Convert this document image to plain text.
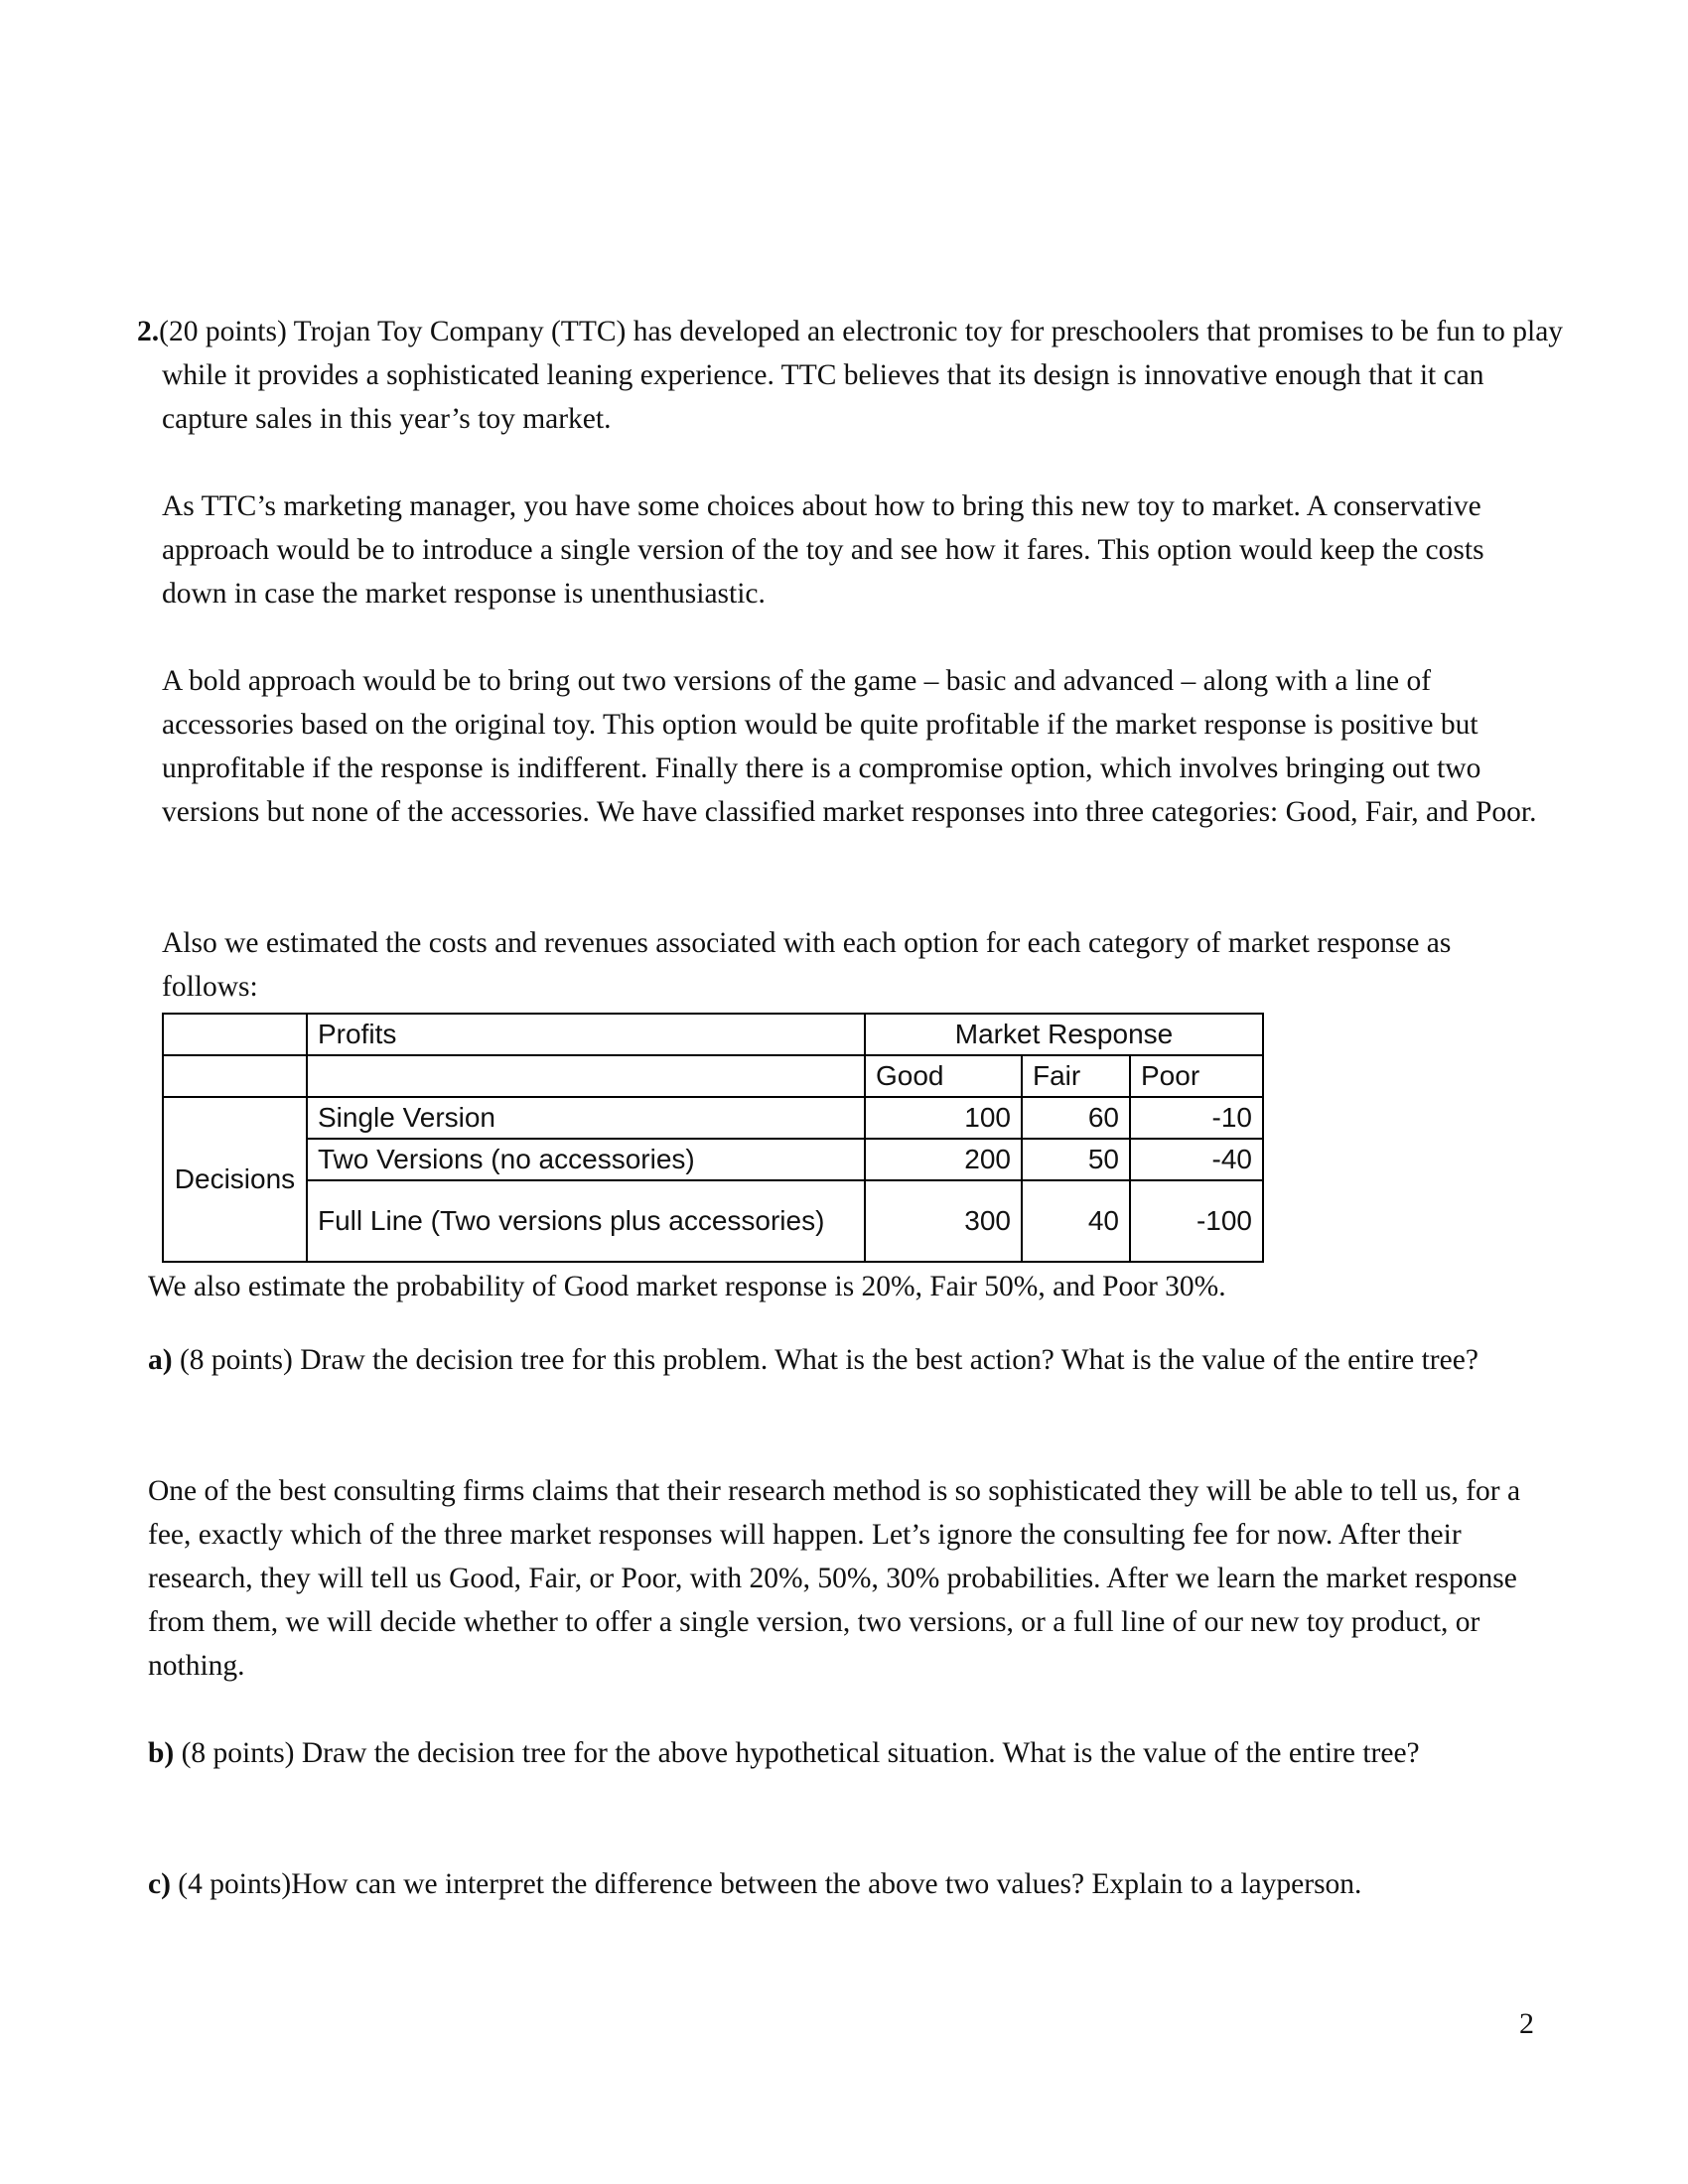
2.(20 points) Trojan Toy Company (TTC) has developed an electronic toy for preschoolers that promises to be fun to play while it provides a sophisticated leaning experience. TTC believes that its design is innovative enough that it can capture sales in this year’s toy market.
As TTC’s marketing manager, you have some choices about how to bring this new toy to market. A conservative approach would be to introduce a single version of the toy and see how it fares. This option would keep the costs down in case the market response is unenthusiastic.
A bold approach would be to bring out two versions of the game – basic and advanced – along with a line of accessories based on the original toy. This option would be quite profitable if the market response is positive but unprofitable if the response is indifferent. Finally there is a compromise option, which involves bringing out two versions but none of the accessories. We have classified market responses into three categories: Good, Fair, and Poor.
Also we estimated the costs and revenues associated with each option for each category of market response as follows:
	Profits	Market Response		
		Good	Fair	Poor
Decisions	Single Version	100	60	-10
	Two Versions (no accessories)	200	50	-40
	Full Line (Two versions plus accessories)	300	40	-100
We also estimate the probability of Good market response is 20%, Fair 50%, and Poor 30%.
a) (8 points) Draw the decision tree for this problem. What is the best action? What is the value of the entire tree?
One of the best consulting firms claims that their research method is so sophisticated they will be able to tell us, for a fee, exactly which of the three market responses will happen. Let’s ignore the consulting fee for now. After their research, they will tell us Good, Fair, or Poor, with 20%, 50%, 30% probabilities. After we learn the market response from them, we will decide whether to offer a single version, two versions, or a full line of our new toy product, or nothing.
b) (8 points) Draw the decision tree for the above hypothetical situation. What is the value of the entire tree?
c) (4 points)How can we interpret the difference between the above two values? Explain to a layperson.
2
